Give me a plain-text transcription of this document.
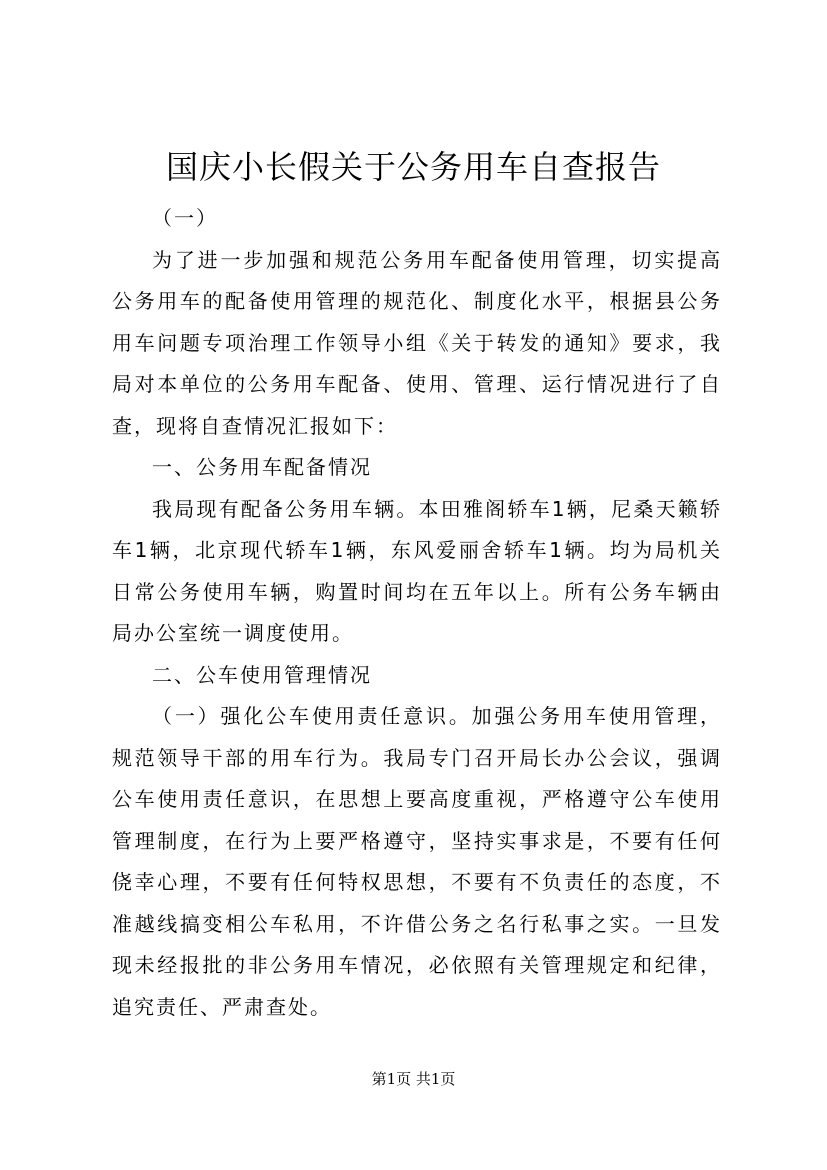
国庆小长假关于公务用车自查报告

（一）

为了进一步加强和规范公务用车配备使用管理，切实提高公务用车的配备使用管理的规范化、制度化水平，根据县公务用车问题专项治理工作领导小组《关于转发的通知》要求，我局对本单位的公务用车配备、使用、管理、运行情况进行了自查，现将自查情况汇报如下：

一、公务用车配备情况

我局现有配备公务用车辆。本田雅阁轿车1辆，尼桑天籁轿车1辆，北京现代轿车1辆，东风爱丽舍轿车1辆。均为局机关日常公务使用车辆，购置时间均在五年以上。所有公务车辆由局办公室统一调度使用。

二、公车使用管理情况

（一）强化公车使用责任意识。加强公务用车使用管理，规范领导干部的用车行为。我局专门召开局长办公会议，强调公车使用责任意识，在思想上要高度重视，严格遵守公车使用管理制度，在行为上要严格遵守，坚持实事求是，不要有任何侥幸心理，不要有任何特权思想，不要有不负责任的态度，不准越线搞变相公车私用，不许借公务之名行私事之实。一旦发现未经报批的非公务用车情况，必依照有关管理规定和纪律，追究责任、严肃查处。

第1页 共1页
